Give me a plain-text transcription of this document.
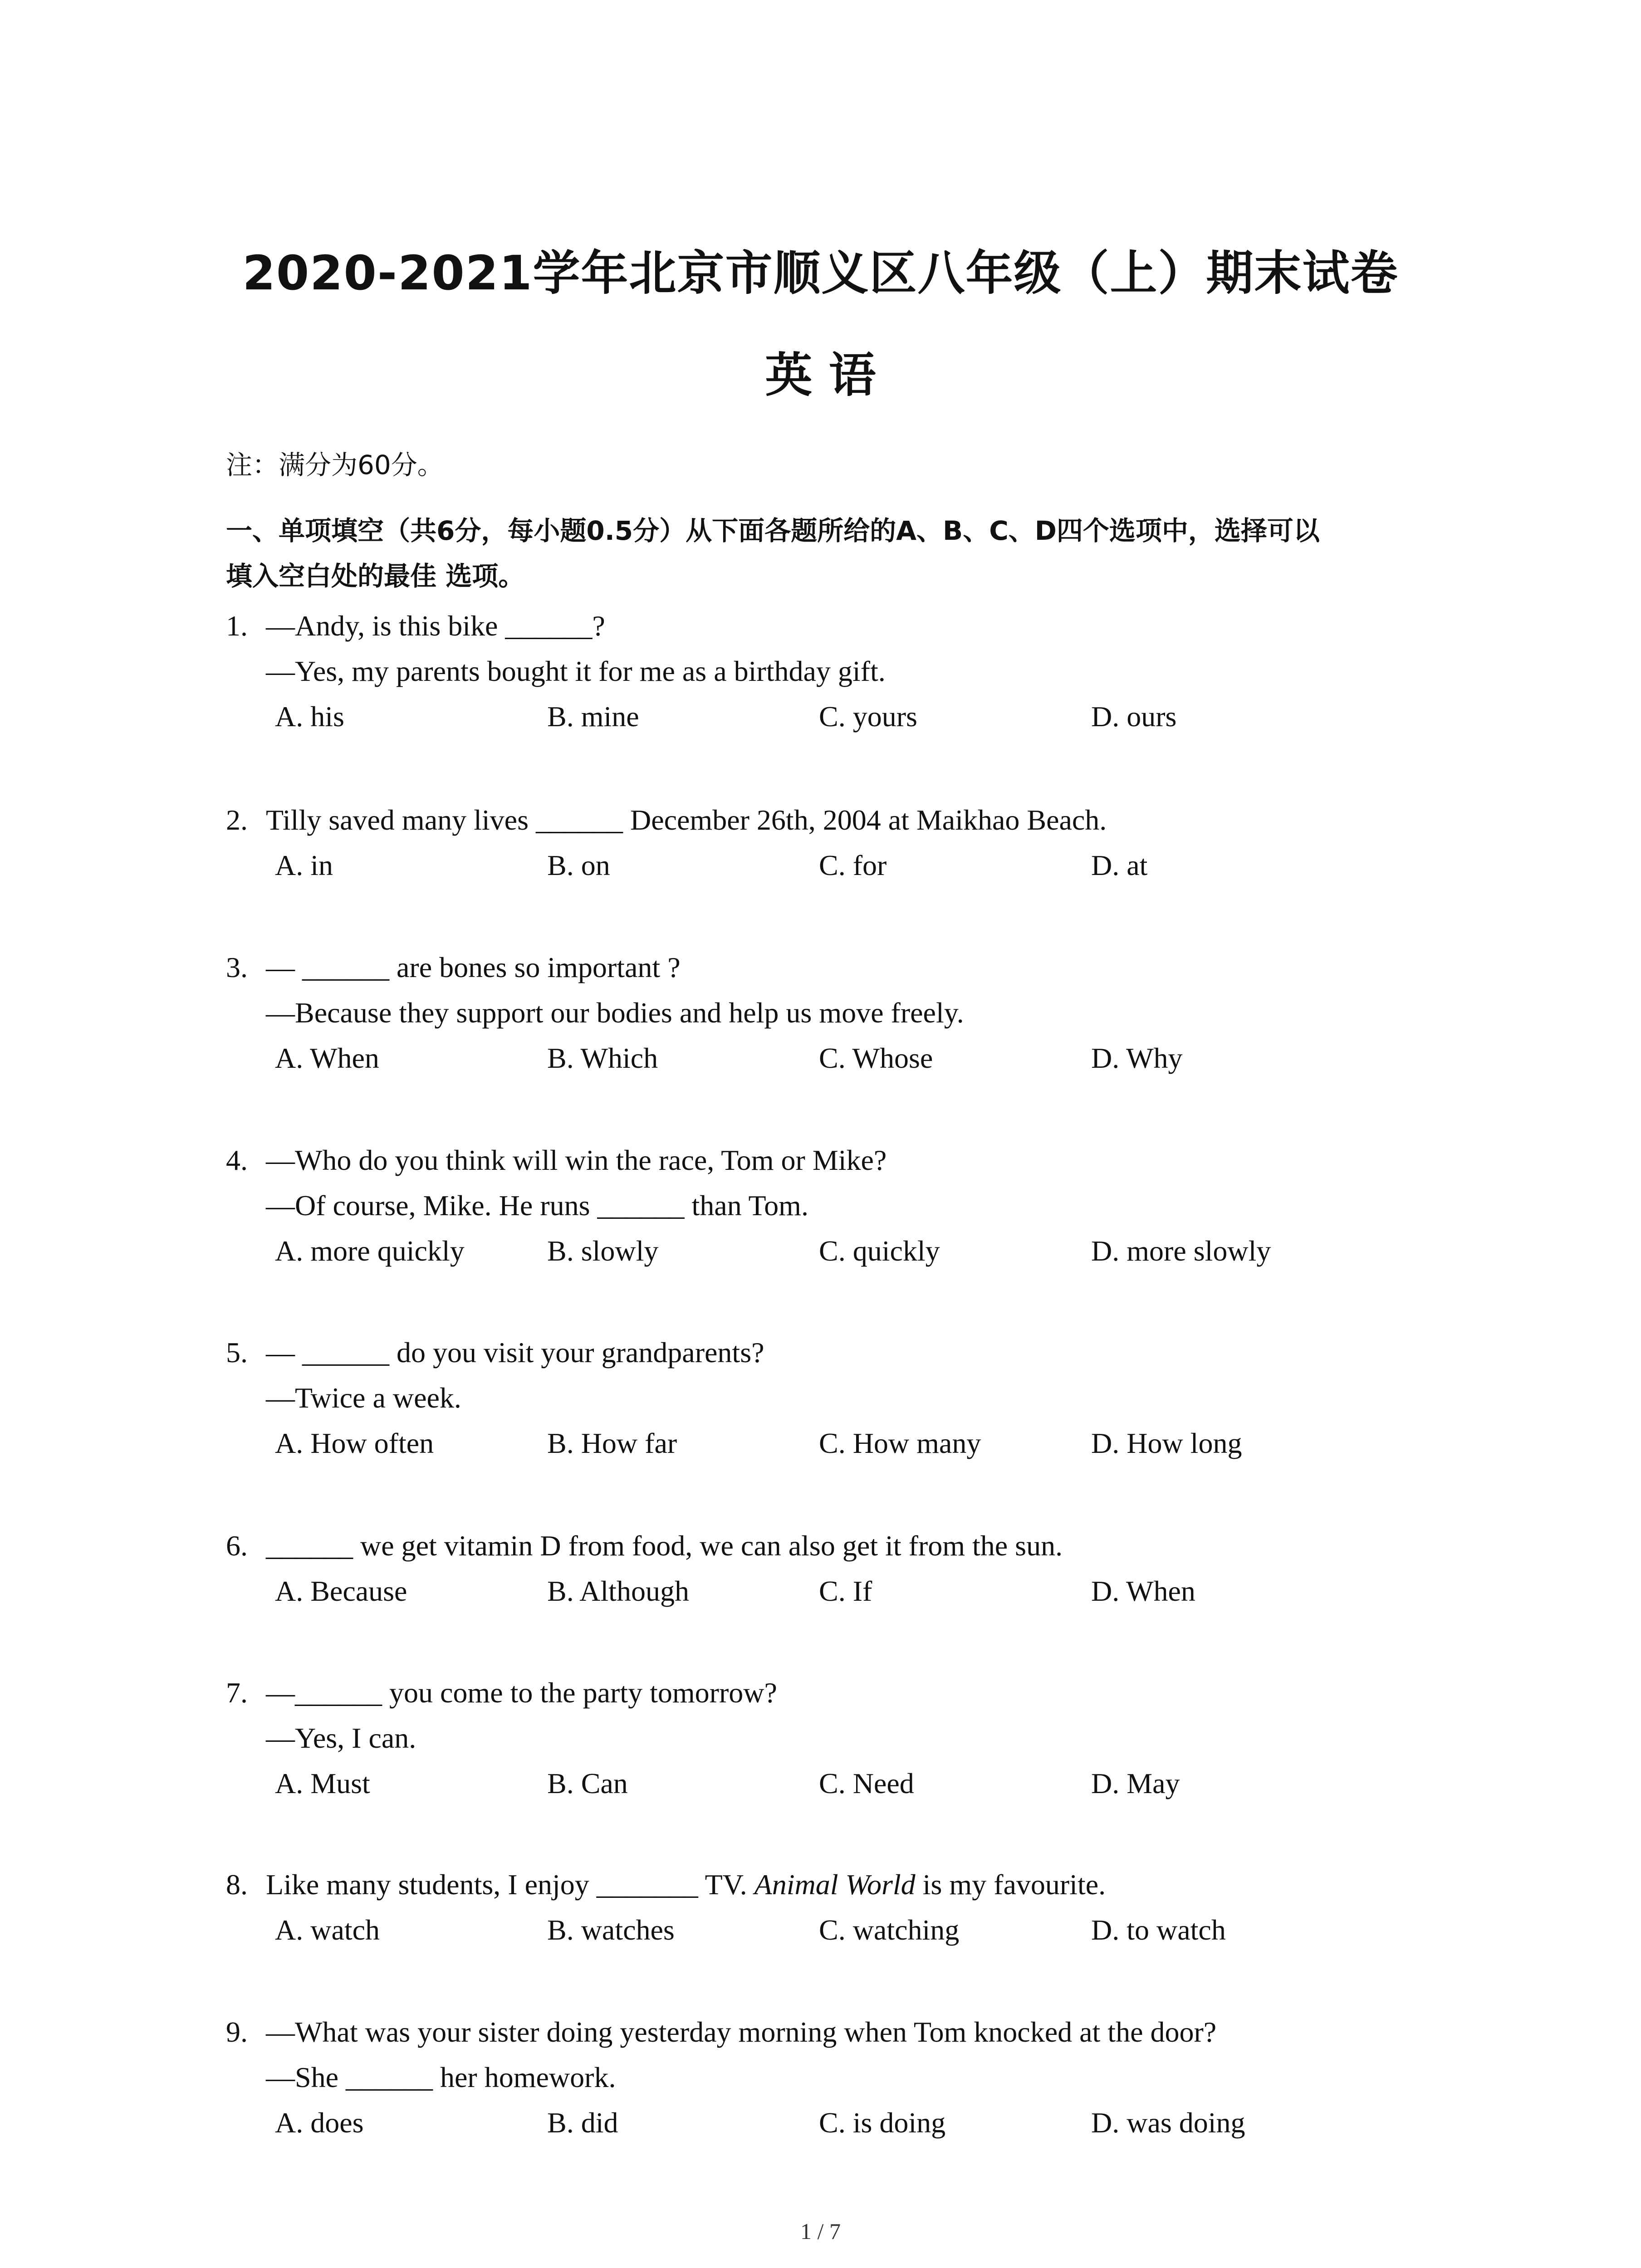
2020-2021学年北京市顺义区八年级（上）期末试卷
英 语
注：满分为60分。
一、单项填空（共6分，每小题0.5分）从下面各题所给的A、B、C、D四个选项中，选择可以
填入空白处的最佳 选项。
1. —Andy, is this bike ______?
—Yes, my parents bought it for me as a birthday gift.
A. his	B. mine	C. yours	D. ours
2. Tilly saved many lives ______ December 26th, 2004 at Maikhao Beach.
A. in	B. on	C. for	D. at
3. — ______ are bones so important ?
—Because they support our bodies and help us move freely.
A. When	B. Which	C. Whose	D. Why
4. —Who do you think will win the race, Tom or Mike?
—Of course, Mike. He runs ______ than Tom.
A. more quickly	B. slowly	C. quickly	D. more slowly
5. — ______ do you visit your grandparents?
—Twice a week.
A. How often	B. How far	C. How many	D. How long
6. ______ we get vitamin D from food, we can also get it from the sun.
A. Because	B. Although	C. If	D. When
7. —______ you come to the party tomorrow?
—Yes, I can.
A. Must	B. Can	C. Need	D. May
8. Like many students, I enjoy _______ TV. Animal World is my favourite.
A. watch	B. watches	C. watching	D. to watch
9. —What was your sister doing yesterday morning when Tom knocked at the door?
—She ______ her homework.
A. does	B. did	C. is doing	D. was doing
1 / 7
